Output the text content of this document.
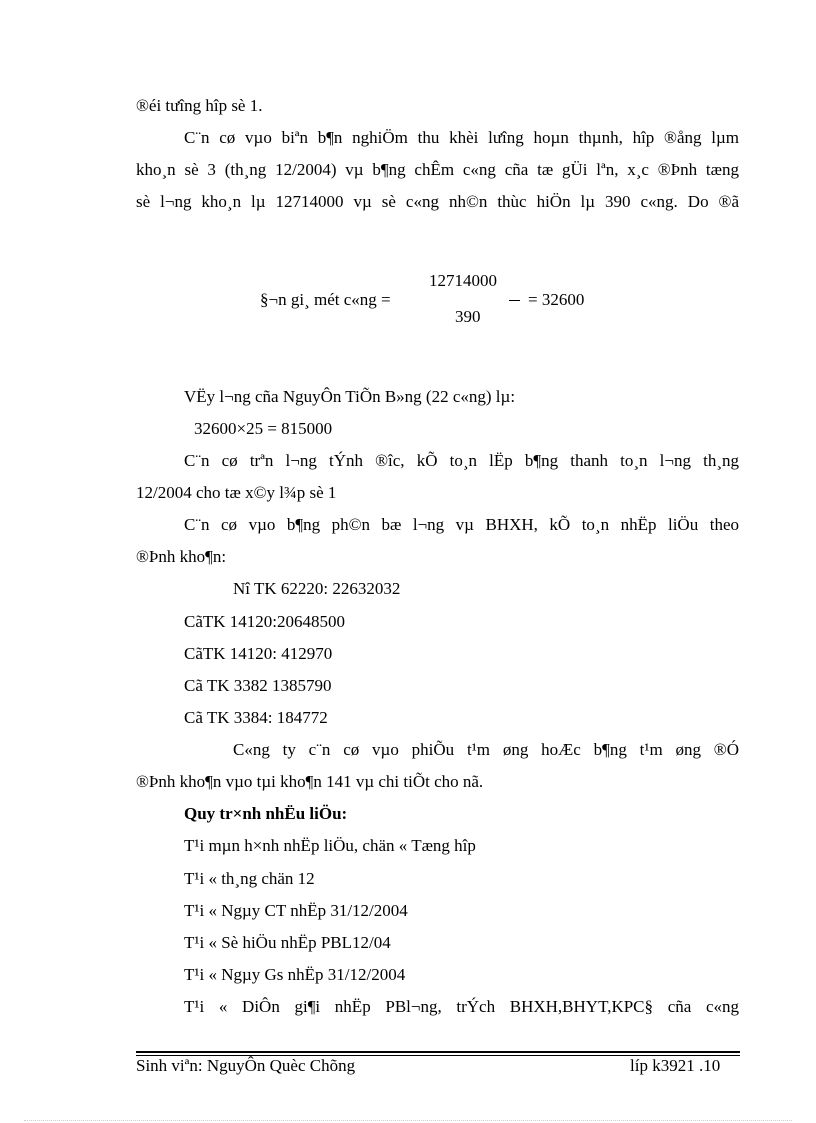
®éi tưîng hîp sè 1.
C¨n cø vµo biªn b¶n nghiÖm thu khèi lưîng hoµn thµnh, hîp ®ång lµm
kho¸n sè 3 (th¸ng 12/2004) vµ b¶ng chÊm c«ng cña tæ gÜi lªn, x¸c ®Þnh tæng
sè l¬ng kho¸n lµ 12714000 vµ sè c«ng nh©n thùc hiÖn lµ 390 c«ng. Do ®ã
§¬n gi¸ mét c«ng =
12714000
390
= 32600
VËy l¬ng cña NguyÔn TiÕn B»ng (22 c«ng) lµ:
32600×25 = 815000
C¨n cø trªn l¬ng tÝnh ®îc, kÕ to¸n lËp b¶ng thanh to¸n l¬ng th¸ng
12/2004 cho tæ x©y l¾p sè 1
C¨n cø vµo b¶ng ph©n bæ l¬ng vµ BHXH, kÕ to¸n nhËp liÖu theo
®Þnh kho¶n:
Nî TK 62220: 22632032
CãTK 14120:20648500
CãTK 14120: 412970
Cã TK 3382 1385790
Cã TK 3384: 184772
C«ng ty c¨n cø vµo phiÕu t¹m øng hoÆc b¶ng t¹m øng ®Ó
®Þnh kho¶n vµo tµi kho¶n 141 vµ chi tiÕt cho nã.
Quy tr×nh nhËu liÖu:
T¹i mµn h×nh nhËp liÖu, chän « Tæng hîp
T¹i « th¸ng chän 12
T¹i « Ngµy CT nhËp 31/12/2004
T¹i « Sè hiÖu nhËp PBL12/04
T¹i « Ngµy Gs nhËp 31/12/2004
T¹i « DiÔn gi¶i nhËp PBl¬ng, trÝch BHXH,BHYT,KPC§ cña c«ng
Sinh viªn: NguyÔn Quèc Chõng	líp k3921 .10
